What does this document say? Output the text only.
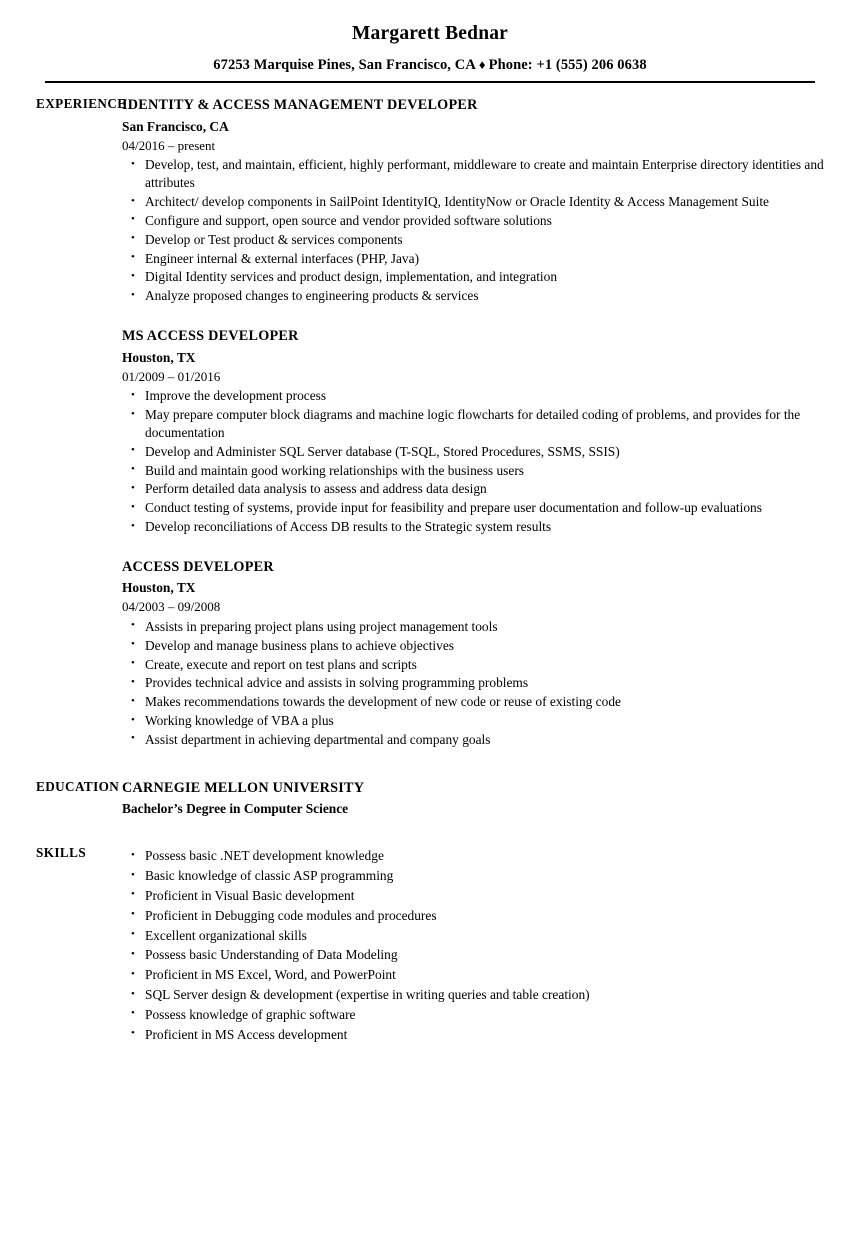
Margarett Bednar
67253 Marquise Pines, San Francisco, CA ♦ Phone: +1 (555) 206 0638
EXPERIENCE
IDENTITY & ACCESS MANAGEMENT DEVELOPER
San Francisco, CA
04/2016 – present
• Develop, test, and maintain, efficient, highly performant, middleware to create and maintain Enterprise directory identities and attributes
• Architect/ develop components in SailPoint IdentityIQ, IdentityNow or Oracle Identity & Access Management Suite
• Configure and support, open source and vendor provided software solutions
• Develop or Test product & services components
• Engineer internal & external interfaces (PHP, Java)
• Digital Identity services and product design, implementation, and integration
• Analyze proposed changes to engineering products & services
MS ACCESS DEVELOPER
Houston, TX
01/2009 – 01/2016
• Improve the development process
• May prepare computer block diagrams and machine logic flowcharts for detailed coding of problems, and provides for the documentation
• Develop and Administer SQL Server database (T-SQL, Stored Procedures, SSMS, SSIS)
• Build and maintain good working relationships with the business users
• Perform detailed data analysis to assess and address data design
• Conduct testing of systems, provide input for feasibility and prepare user documentation and follow-up evaluations
• Develop reconciliations of Access DB results to the Strategic system results
ACCESS DEVELOPER
Houston, TX
04/2003 – 09/2008
• Assists in preparing project plans using project management tools
• Develop and manage business plans to achieve objectives
• Create, execute and report on test plans and scripts
• Provides technical advice and assists in solving programming problems
• Makes recommendations towards the development of new code or reuse of existing code
• Working knowledge of VBA a plus
• Assist department in achieving departmental and company goals
EDUCATION CARNEGIE MELLON UNIVERSITY
Bachelor’s Degree in Computer Science
SKILLS	• Possess basic .NET development knowledge
• Basic knowledge of classic ASP programming
• Proficient in Visual Basic development
• Proficient in Debugging code modules and procedures
• Excellent organizational skills
• Possess basic Understanding of Data Modeling
• Proficient in MS Excel, Word, and PowerPoint
• SQL Server design & development (expertise in writing queries and table creation)
• Possess knowledge of graphic software
• Proficient in MS Access development
